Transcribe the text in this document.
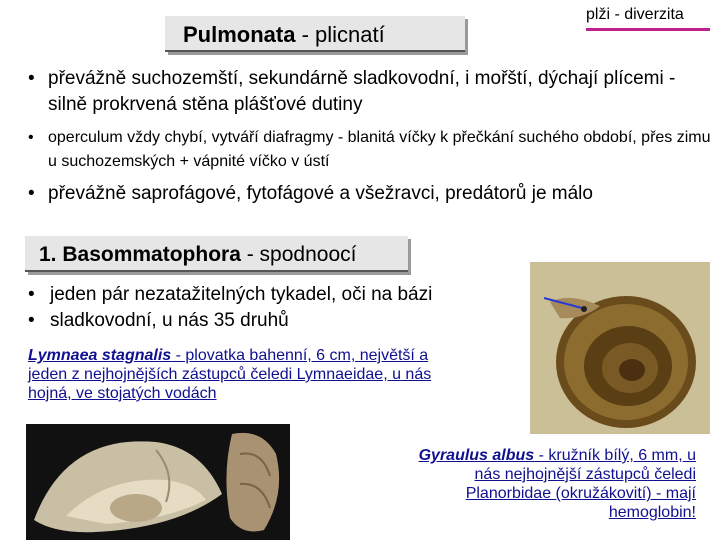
Pulmonata - plicnatí
plži - diverzita
• převážně suchozemští, sekundárně sladkovodní, i mořští, dýchají plícemi - silně prokrvená stěna plášťové dutiny
• operculum vždy chybí, vytváří diafragmy - blanitá víčky k přečkání suchého období, přes zimu u suchozemských + vápnité víčko v ústí
• převážně saprofágové, fytofágové a všežravci, predátorů je málo
1. Basommatophora - spodnoocí
• jeden pár nezatažitelných tykadel, oči na bázi
• sladkovodní, u nás 35 druhů
Lymnaea stagnalis - plovatka bahenní, 6 cm, největší a jeden z nejhojnějších zástupců čeledi Lymnaeidae, u nás hojná, ve stojatých vodách
Gyraulus albus - kružník bílý, 6 mm, u nás nejhojnější zástupců čeledi Planorbidae (okružákovití) - mají hemoglobin!
